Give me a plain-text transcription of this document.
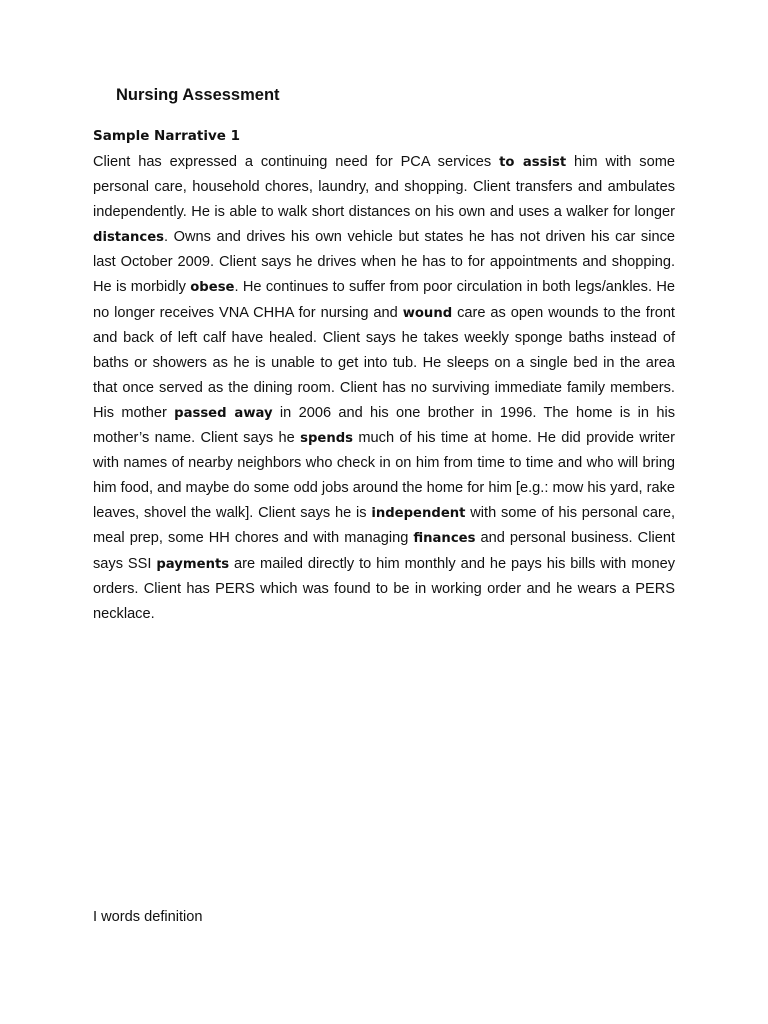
Nursing Assessment
Sample Narrative 1

Client has expressed a continuing need for PCA services to assist him with some personal care, household chores, laundry, and shopping. Client transfers and ambulates independently. He is able to walk short distances on his own and uses a walker for longer distances. Owns and drives his own vehicle but states he has not driven his car since last October 2009. Client says he drives when he has to for appointments and shopping. He is morbidly obese. He continues to suffer from poor circulation in both legs/ankles. He no longer receives VNA CHHA for nursing and wound care as open wounds to the front and back of left calf have healed. Client says he takes weekly sponge baths instead of baths or showers as he is unable to get into tub. He sleeps on a single bed in the area that once served as the dining room. Client has no surviving immediate family members. His mother passed away in 2006 and his one brother in 1996. The home is in his mother’s name. Client says he spends much of his time at home. He did provide writer with names of nearby neighbors who check in on him from time to time and who will bring him food, and maybe do some odd jobs around the home for him [e.g.: mow his yard, rake leaves, shovel the walk]. Client says he is independent with some of his personal care, meal prep, some HH chores and with managing finances and personal business. Client says SSI payments are mailed directly to him monthly and he pays his bills with money orders. Client has PERS which was found to be in working order and he wears a PERS necklace.

I words definition
